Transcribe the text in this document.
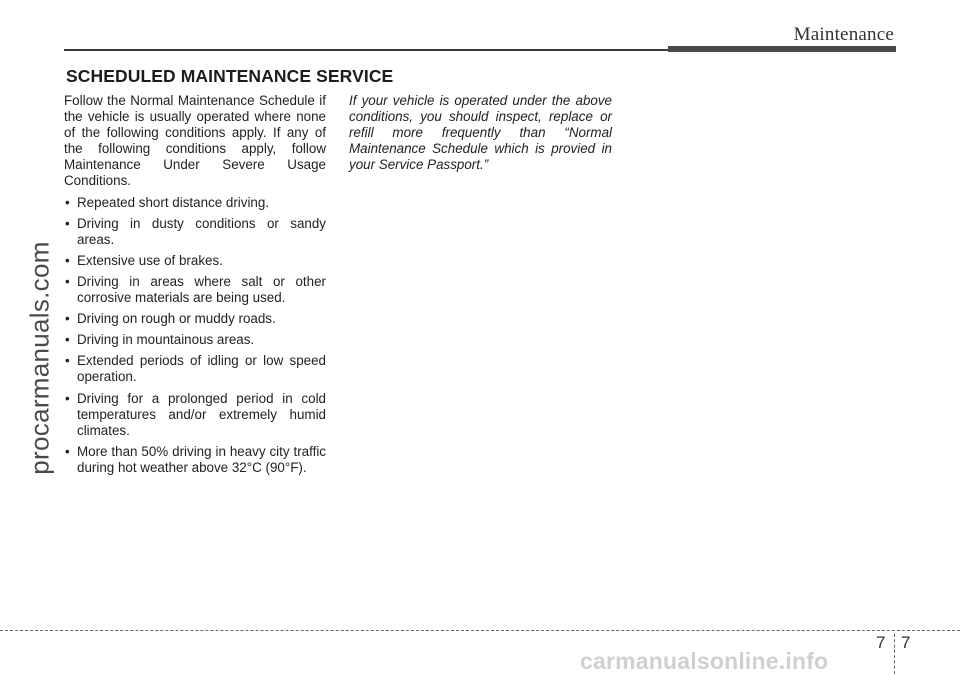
Maintenance
SCHEDULED MAINTENANCE SERVICE

Follow the Normal Maintenance Schedule if the vehicle is usually operated where none of the following conditions apply. If any of the following conditions apply, follow Maintenance Under Severe Usage Conditions.

• Repeated short distance driving.
• Driving in dusty conditions or sandy areas.
• Extensive use of brakes.
• Driving in areas where salt or other corrosive materials are being used.
• Driving on rough or muddy roads.
• Driving in mountainous areas.
• Extended periods of idling or low speed operation.
• Driving for a prolonged period in cold temperatures and/or extremely humid climates.
• More than 50% driving in heavy city traffic during hot weather above 32°C (90°F).
If your vehicle is operated under the above conditions, you should inspect, replace or refill more frequently than “Normal Maintenance Schedule which is provied in your Service Passport.”
7 7
procarmanuals.com
carmanualsonline.info
